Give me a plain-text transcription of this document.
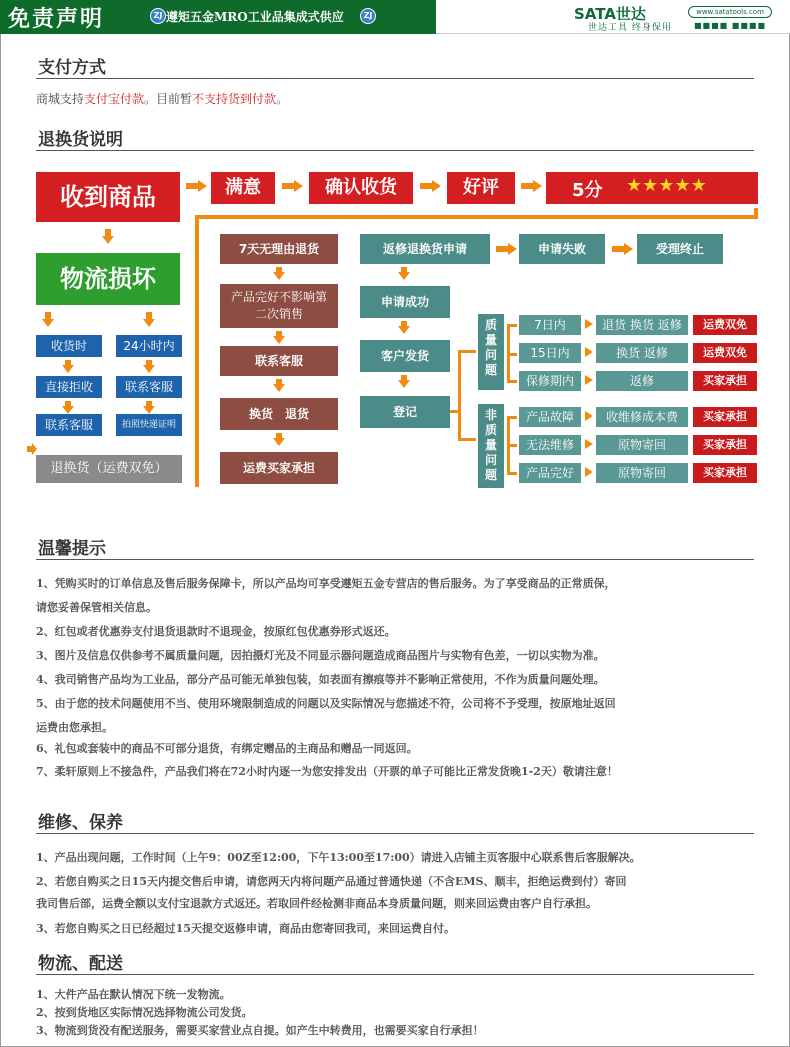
免责声明	ZJ 遵矩五金MRO工业品集成式供应	ZJ	SATA世达
世达工具 终身保用
www.satatools.com
■■■■ ■■■■
支付方式
商城支持支付宝付款。目前暂不支持货到付款。
退换货说明
收到商品	满意	确认收货	好评	5分 ★★★★★
物流损坏
收货时	24小时内
直接拒收	联系客服
联系客服	拍照快递证明
退换货（运费双免）
7天无理由退货
产品完好不影响第二次销售
联系客服
换货　退货
运费买家承担
返修退换货申请	申请失败	受理终止
申请成功
客户发货
登记
质量问题
7日内	退货 换货 返修	运费双免
15日内	换货 返修	运费双免
保修期内	返修	买家承担
非质量问题
产品故障	收维修成本费	买家承担
无法维修	原物寄回	买家承担
产品完好	原物寄回	买家承担
温馨提示
1、凭购买时的订单信息及售后服务保障卡，所以产品均可享受遵矩五金专营店的售后服务。为了享受商品的正常质保，
请您妥善保管相关信息。
2、红包或者优惠券支付退货退款时不退现金，按原红包优惠券形式返还。
3、图片及信息仅供参考不属质量问题，因拍摄灯光及不同显示器问题造成商品图片与实物有色差，一切以实物为准。
4、我司销售产品均为工业品，部分产品可能无单独包装，如表面有擦痕等并不影响正常使用，不作为质量问题处理。
5、由于您的技术问题使用不当、使用环境限制造成的问题以及实际情况与您描述不符，公司将不予受理，按原地址返回
运费由您承担。
6、礼包或套装中的商品不可部分退货，有绑定赠品的主商品和赠品一同返回。
7、柔轩原则上不接急件，产品我们将在72小时内逐一为您安排发出（开票的单子可能比正常发货晚1-2天）敬请注意！
维修、保养
1、产品出现问题，工作时间（上午9：00Z至12:00，下午13:00至17:00）请进入店铺主页客服中心联系售后客服解决。
2、若您自购买之日15天内提交售后申请，请您两天内将问题产品通过普通快递（不含EMS、顺丰，拒绝运费到付）寄回
我司售后部，运费全额以支付宝退款方式返还。若取回件经检测非商品本身质量问题，则来回运费由客户自行承担。
3、若您自购买之日已经超过15天提交返修申请，商品由您寄回我司，来回运费自付。
物流、配送
1、大件产品在默认情况下统一发物流。
2、按到货地区实际情况选择物流公司发货。
3、物流到货没有配送服务，需要买家营业点自提。如产生中转费用，也需要买家自行承担！
